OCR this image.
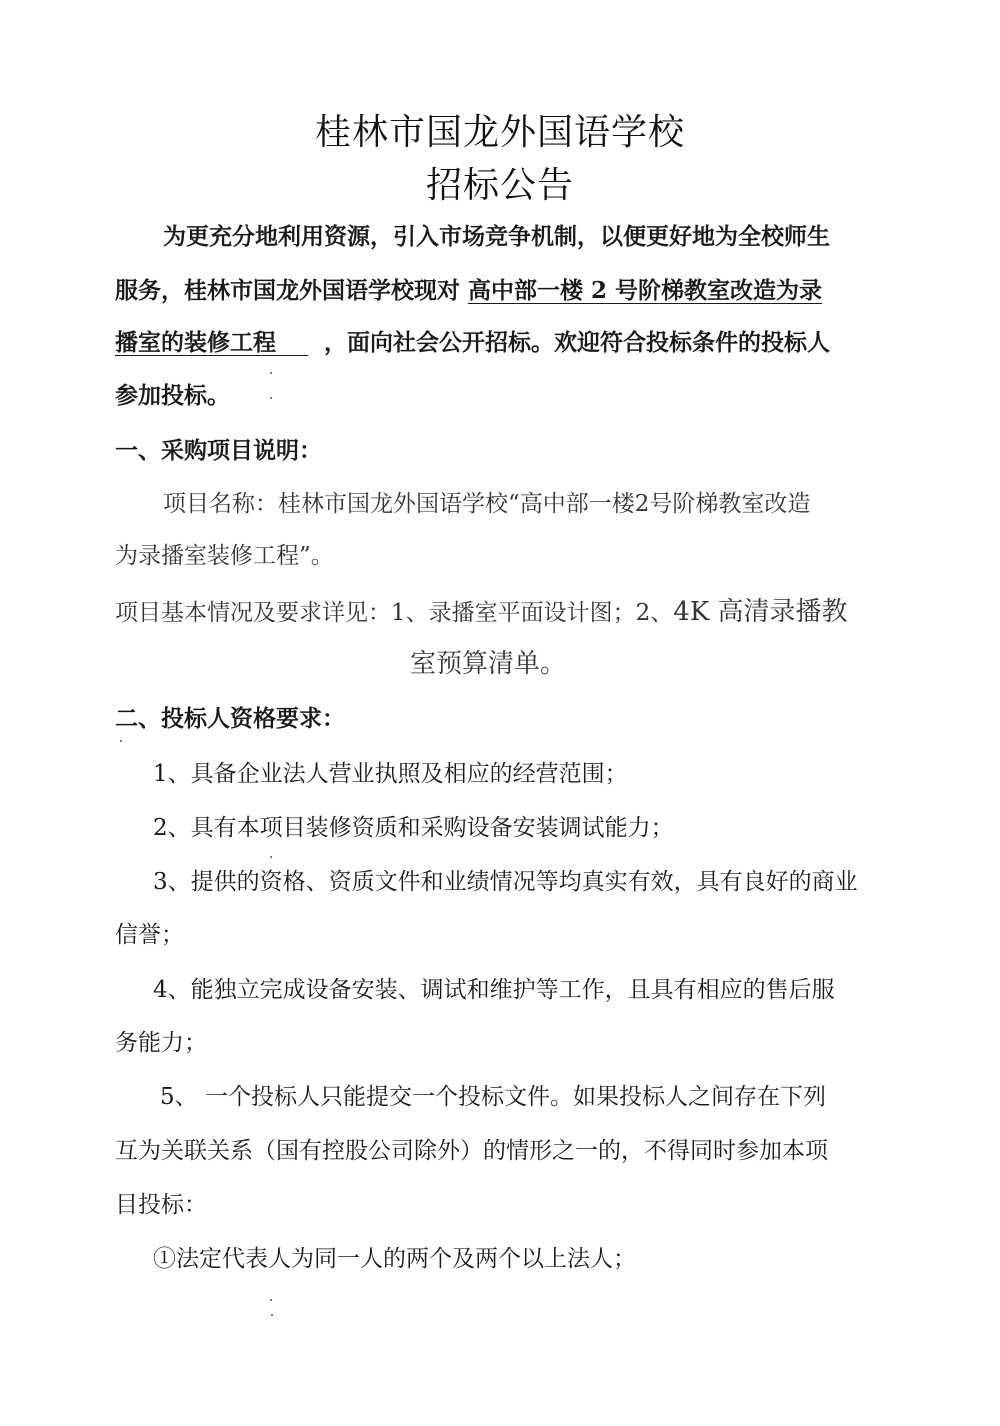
桂林市国龙外国语学校
招标公告
为更充分地利用资源，引入市场竞争机制，以便更好地为全校师生
服务，桂林市国龙外国语学校现对 高中部一楼 2 号阶梯教室改造为录
播室的装修工程 ，面向社会公开招标。欢迎符合投标条件的投标人
参加投标。
一、采购项目说明：
项目名称：桂林市国龙外国语学校“高中部一楼2号阶梯教室改造
为录播室装修工程”。
项目基本情况及要求详见：1、录播室平面设计图；2、4K 高清录播教
室预算清单。
二、投标人资格要求：
1、具备企业法人营业执照及相应的经营范围；
2、具有本项目装修资质和采购设备安装调试能力；
3、提供的资格、资质文件和业绩情况等均真实有效，具有良好的商业
信誉；
4、能独立完成设备安装、调试和维护等工作，且具有相应的售后服
务能力；
5、 一个投标人只能提交一个投标文件。如果投标人之间存在下列
互为关联关系（国有控股公司除外）的情形之一的，不得同时参加本项
目投标：
①法定代表人为同一人的两个及两个以上法人；
